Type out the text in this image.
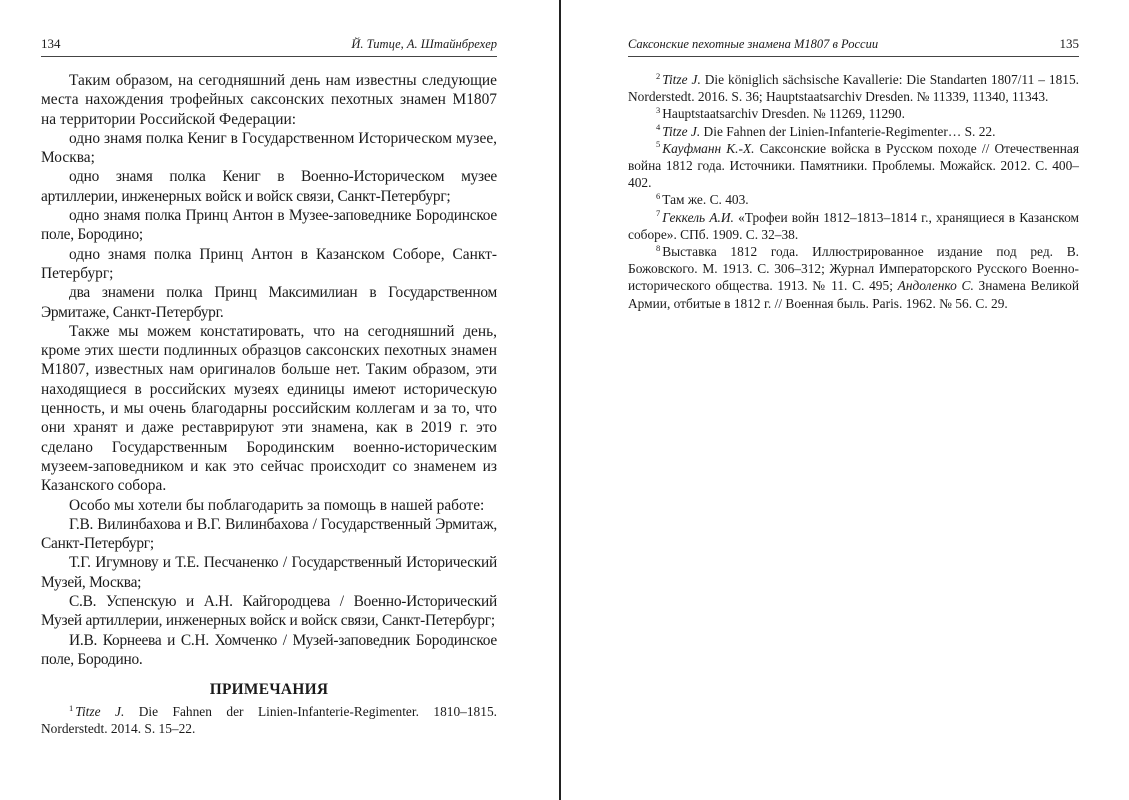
134	Й. Титце, А. Штайнбрехер

Таким образом, на сегодняшний день нам известны следующие места нахождения трофейных саксонских пехотных знамен М1807 на территории Российской Федерации:

одно знамя полка Кениг в Государственном Историческом музее, Москва;

одно знамя полка Кениг в Военно-Историческом музее артиллерии, инженерных войск и войск связи, Санкт-Петербург;

одно знамя полка Принц Антон в Музее-заповеднике Бородинское поле, Бородино;

одно знамя полка Принц Антон в Казанском Соборе, Санкт-Петербург;

два знамени полка Принц Максимилиан в Государственном Эрмитаже, Санкт-Петербург.

Также мы можем констатировать, что на сегодняшний день, кроме этих шести подлинных образцов саксонских пехотных знамен М1807, известных нам оригиналов больше нет. Таким образом, эти находящиеся в российских музеях единицы имеют историческую ценность, и мы очень благодарны российским коллегам и за то, что они хранят и даже реставрируют эти знамена, как в 2019 г. это сделано Государственным Бородинским военно-историческим музеем-заповедником и как это сейчас происходит со знаменем из Казанского собора.

Особо мы хотели бы поблагодарить за помощь в нашей работе:

Г.В. Вилинбахова и В.Г. Вилинбахова / Государственный Эрмитаж, Санкт-Петербург;

Т.Г. Игумнову и Т.Е. Песчаненко / Государственный Исторический Музей, Москва;

С.В. Успенскую и А.Н. Кайгородцева / Военно-Исторический Музей артиллерии, инженерных войск и войск связи, Санкт-Петербург;

И.В. Корнеева и С.Н. Хомченко / Музей-заповедник Бородинское поле, Бородино.

ПРИМЕЧАНИЯ

$^1$ Titze J. Die Fahnen der Linien-Infanterie-Regimenter. 1810–1815. Norderstedt. 2014. S. 15–22.

Саксонские пехотные знамена М1807 в России	135

$^2$ Titze J. Die königlich sächsische Kavallerie: Die Standarten 1807/11 – 1815. Norderstedt. 2016. S. 36; Hauptstaatsarchiv Dresden. № 11339, 11340, 11343.

$^3$ Hauptstaatsarchiv Dresden. № 11269, 11290.

$^4$ Titze J. Die Fahnen der Linien-Infanterie-Regimenter… S. 22.

$^5$ Кауфманн К.-Х. Саксонские войска в Русском походе // Отечественная война 1812 года. Источники. Памятники. Проблемы. Можайск. 2012. С. 400–402.

$^6$ Там же. С. 403.

$^7$ Геккель А.И. «Трофеи войн 1812–1813–1814 г., хранящиеся в Казанском соборе». СПб. 1909. С. 32–38.

$^8$ Выставка 1812 года. Иллюстрированное издание под ред. В. Божовского. М. 1913. С. 306–312; Журнал Императорского Русского Военно-исторического общества. 1913. № 11. С. 495; Андоленко С. Знамена Великой Армии, отбитые в 1812 г. // Военная быль. Paris. 1962. № 56. С. 29.
